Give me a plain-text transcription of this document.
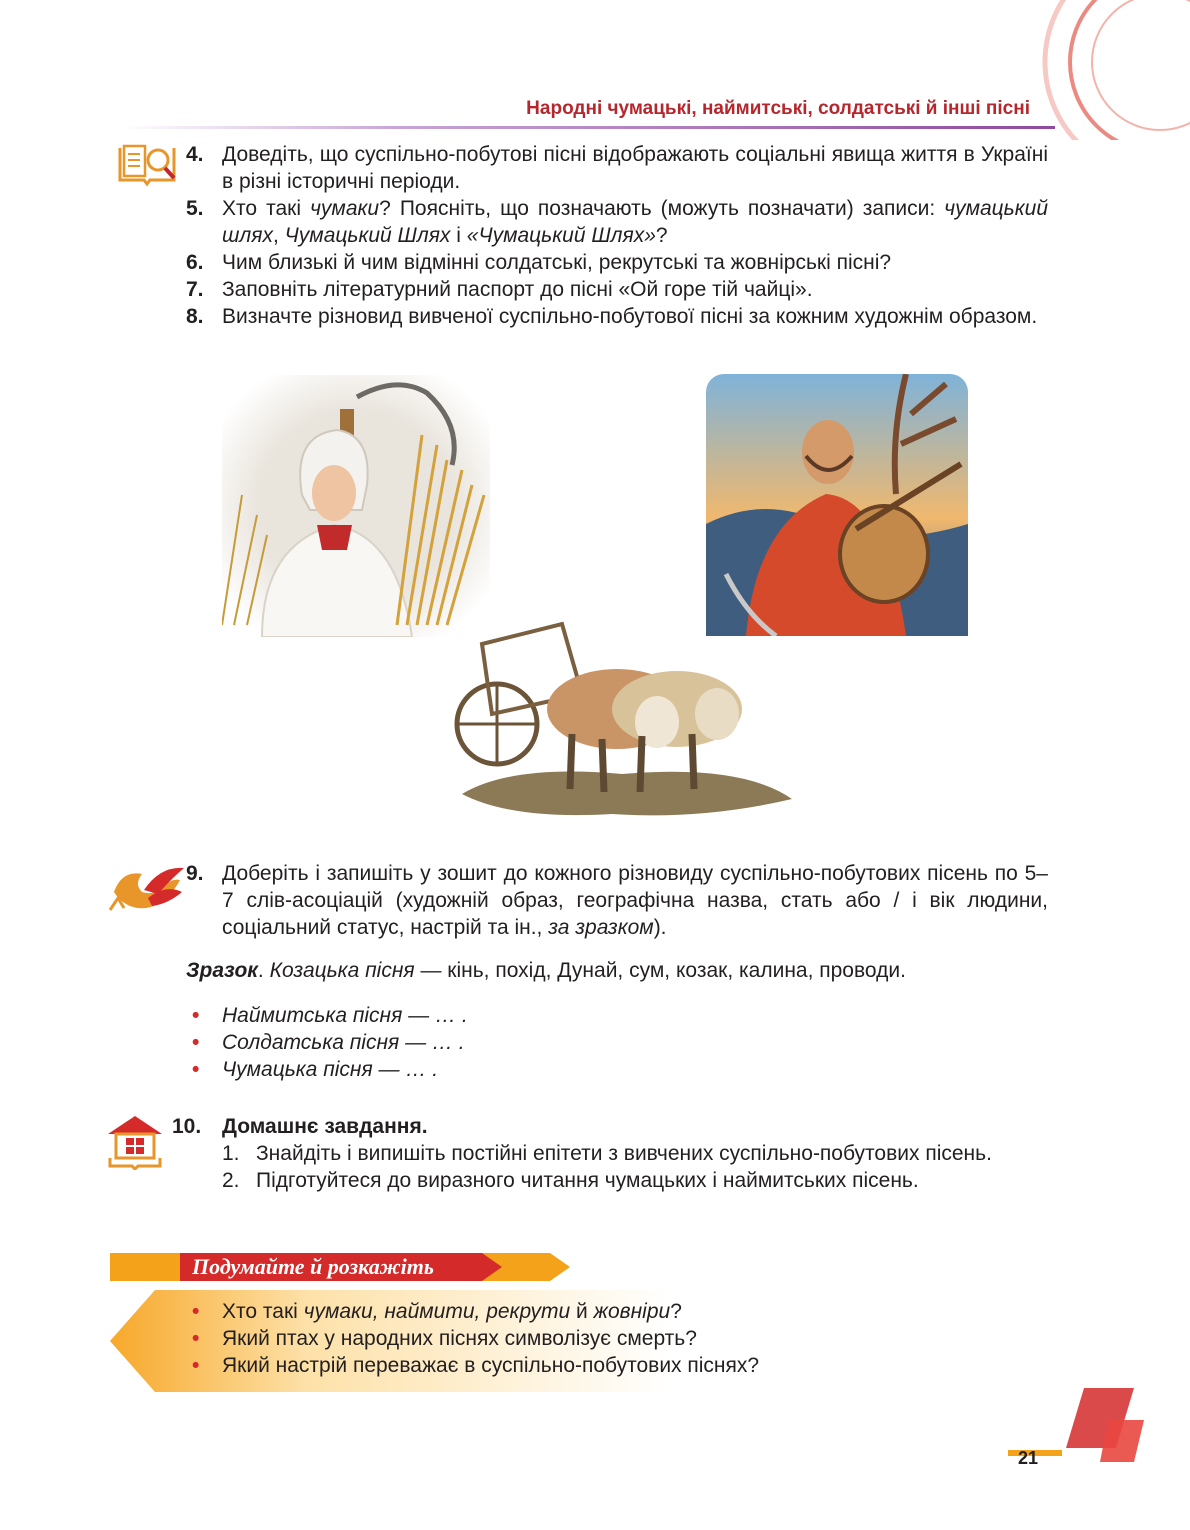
Народні чумацькі, наймитські, солдатські й інші пісні
4. Доведіть, що суспільно-побутові пісні відображають соціальні явища життя в Україні в різні історичні періоди.
5. Хто такі чумаки? Поясніть, що позначають (можуть позначати) записи: чумацький шлях, Чумацький Шлях і «Чумацький Шлях»?
6. Чим близькі й чим відмінні солдатські, рекрутські та жовнірські пісні?
7. Заповніть літературний паспорт до пісні «Ой горе тій чайці».
8. Визначте різновид вивченої суспільно-побутової пісні за кожним художнім образом.
9. Доберіть і запишіть у зошит до кожного різновиду суспільно-побутових пісень по 5–7 слів-асоціацій (художній образ, географічна назва, стать або / і вік людини, соціальний статус, настрій та ін., за зразком).
Зразок. Козацька пісня — кінь, похід, Дунай, сум, козак, калина, проводи.
• Наймитська пісня — … .
• Солдатська пісня — … .
• Чумацька пісня — … .
10. Домашнє завдання.
1. Знайдіть і випишіть постійні епітети з вивчених суспільно-побутових пісень.
2. Підготуйтеся до виразного читання чумацьких і наймитських пісень.
Подумайте й розкажіть
• Хто такі чумаки, наймити, рекрути й жовніри?
• Який птах у народних піснях символізує смерть?
• Який настрій переважає в суспільно-побутових піснях?
21
